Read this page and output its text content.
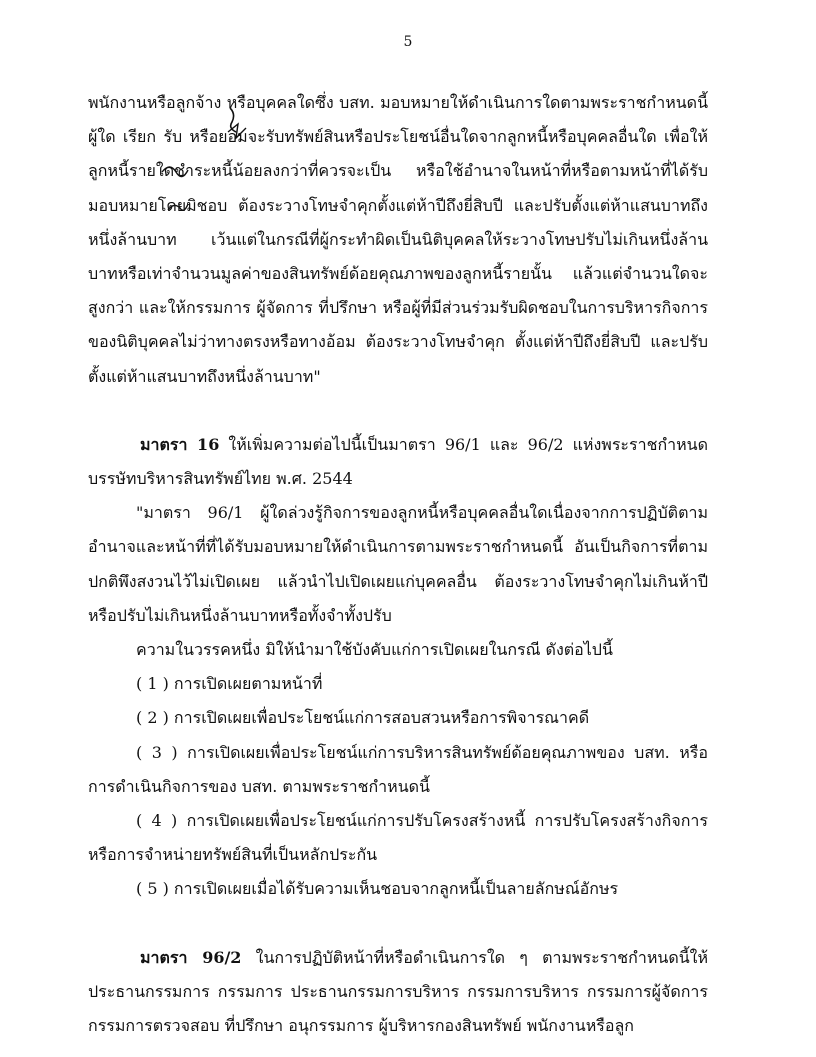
5

พนักงานหรือลูกจ้าง หรือบุคคลใดซึ่ง บสท. มอบหมายให้ดำเนินการใดตามพระราชกำหนดนี้ ผู้ใด เรียก รับ หรือยอมจะรับทรัพย์สินหรือประโยชน์อื่นใดจากลูกหนี้หรือบุคคลอื่นใด เพื่อให้ลูกหนี้รายใดชำระหนี้น้อยลงกว่าที่ควรจะเป็น หรือใช้อำนาจในหน้าที่หรือตามหน้าที่ได้รับมอบหมายโดยมิชอบ ต้องระวางโทษจำคุกตั้งแต่ห้าปีถึงยี่สิบปี และปรับตั้งแต่ห้าแสนบาทถึงหนึ่งล้านบาท เว้นแต่ในกรณีที่ผู้กระทำผิดเป็นนิติบุคคลให้ระวางโทษปรับไม่เกินหนึ่งล้านบาทหรือเท่าจำนวนมูลค่าของสินทรัพย์ด้อยคุณภาพของลูกหนี้รายนั้น แล้วแต่จำนวนใดจะสูงกว่า และให้กรรมการ ผู้จัดการ ที่ปรึกษา หรือผู้ที่มีส่วนร่วมรับผิดชอบในการบริหารกิจการของนิติบุคคลไม่ว่าทางตรงหรือทางอ้อม ต้องระวางโทษจำคุก ตั้งแต่ห้าปีถึงยี่สิบปี และปรับตั้งแต่ห้าแสนบาทถึงหนึ่งล้านบาท"

มาตรา 16 ให้เพิ่มความต่อไปนี้เป็นมาตรา 96/1 และ 96/2 แห่งพระราชกำหนดบรรษัทบริหารสินทรัพย์ไทย พ.ศ. 2544

"มาตรา 96/1 ผู้ใดล่วงรู้กิจการของลูกหนี้หรือบุคคลอื่นใดเนื่องจากการปฏิบัติตามอำนาจและหน้าที่ที่ได้รับมอบหมายให้ดำเนินการตามพระราชกำหนดนี้ อันเป็นกิจการที่ตามปกติพึงสงวนไว้ไม่เปิดเผย แล้วนำไปเปิดเผยแก่บุคคลอื่น ต้องระวางโทษจำคุกไม่เกินห้าปี หรือปรับไม่เกินหนึ่งล้านบาทหรือทั้งจำทั้งปรับ

ความในวรรคหนึ่ง มิให้นำมาใช้บังคับแก่การเปิดเผยในกรณี ดังต่อไปนี้

( 1 ) การเปิดเผยตามหน้าที่

( 2 ) การเปิดเผยเพื่อประโยชน์แก่การสอบสวนหรือการพิจารณาคดี

( 3 ) การเปิดเผยเพื่อประโยชน์แก่การบริหารสินทรัพย์ด้อยคุณภาพของ บสท. หรือการดำเนินกิจการของ บสท. ตามพระราชกำหนดนี้

( 4 ) การเปิดเผยเพื่อประโยชน์แก่การปรับโครงสร้างหนี้ การปรับโครงสร้างกิจการหรือการจำหน่ายทรัพย์สินที่เป็นหลักประกัน

( 5 ) การเปิดเผยเมื่อได้รับความเห็นชอบจากลูกหนี้เป็นลายลักษณ์อักษร

มาตรา 96/2 ในการปฏิบัติหน้าที่หรือดำเนินการใด ๆ ตามพระราชกำหนดนี้ให้ประธานกรรมการ กรรมการ ประธานกรรมการบริหาร กรรมการบริหาร กรรมการผู้จัดการ กรรมการตรวจสอบ ที่ปรึกษา อนุกรรมการ ผู้บริหารกองสินทรัพย์ พนักงานหรือลูก
